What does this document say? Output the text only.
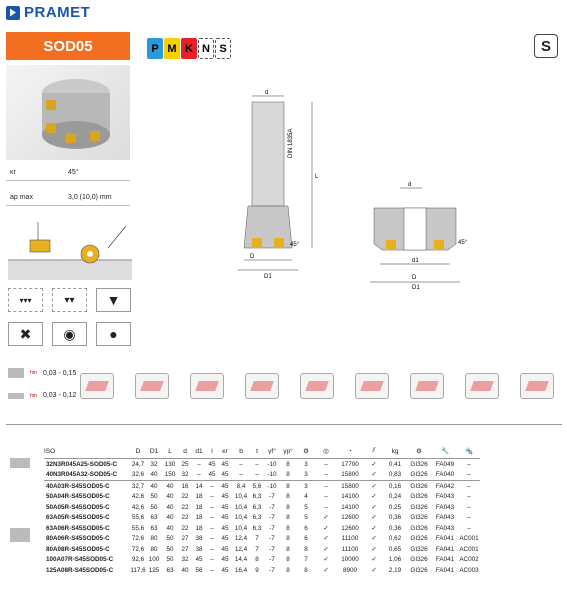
PRAMET
SOD05	P M K N S	S
κr	45°
ap max	3,0 (10,0) mm
▾▾▾	▾▾ ▼
✖ ◉ ●
d
DIN 1835A
L
45°
D
D1
d
45°
d1
D
D1
hm 0,03 - 0,15
hm 0,03 - 0,12
ISO	D	D1	L	d	d1	l	κr	b	t	γf°	γp°	⚙	◎	◔	⫽	kg	⚙	🔧	🔩
32N3R045A25-SOD05-C	24,7	32	130	25	–	45	45	–	–	-10	8	3	–	17700	✓	0,41	GI326	FA049	–
40N3R045A32-SOD05-C	32,6	40	150	32	–	45	45	–	–	-10	8	3	–	15800	✓	0,83	GI326	FA040	–
40A03R-S45SOD05-C	32,7	40	40	16	14	–	45	8,4	5,6	-10	8	3	–	15800	✓	0,16	GI326	FA042	–
50A04R-S45SOD05-C	42,6	50	40	22	18	–	45	10,4	6,3	-7	8	4	–	14100	✓	0,24	GI326	FA043	–
50A05R-S45SOD05-C	42,6	50	40	22	18	–	45	10,4	6,3	-7	8	5	–	14100	✓	0,25	GI326	FA043	–
63A05R-S45SOD05-C	55,6	63	40	22	18	–	45	10,4	6,3	-7	8	5	✓	12600	✓	0,36	GI326	FA043	–
63A06R-S45SOD05-C	55,6	63	40	22	18	–	45	10,4	6,3	-7	8	6	✓	12600	✓	0,36	GI326	FA043	–
80A06R-S45SOD05-C	72,6	80	50	27	38	–	45	12,4	7	-7	8	6	✓	11100	✓	0,62	GI326	FA041	AC001
80A08R-S45SOD05-C	72,6	80	50	27	38	–	45	12,4	7	-7	8	8	✓	11100	✓	0,65	GI326	FA041	AC001
100A07R-S45SOD05-C	92,6	100	50	32	45	–	45	14,4	8	-7	8	7	✓	10000	✓	1,06	GI326	FA041	AC002
125A08R-S45SOD05-C	117,6	125	63	40	56	–	45	16,4	9	-7	8	8	✓	8900	✓	2,19	GI326	FA041	AC003
